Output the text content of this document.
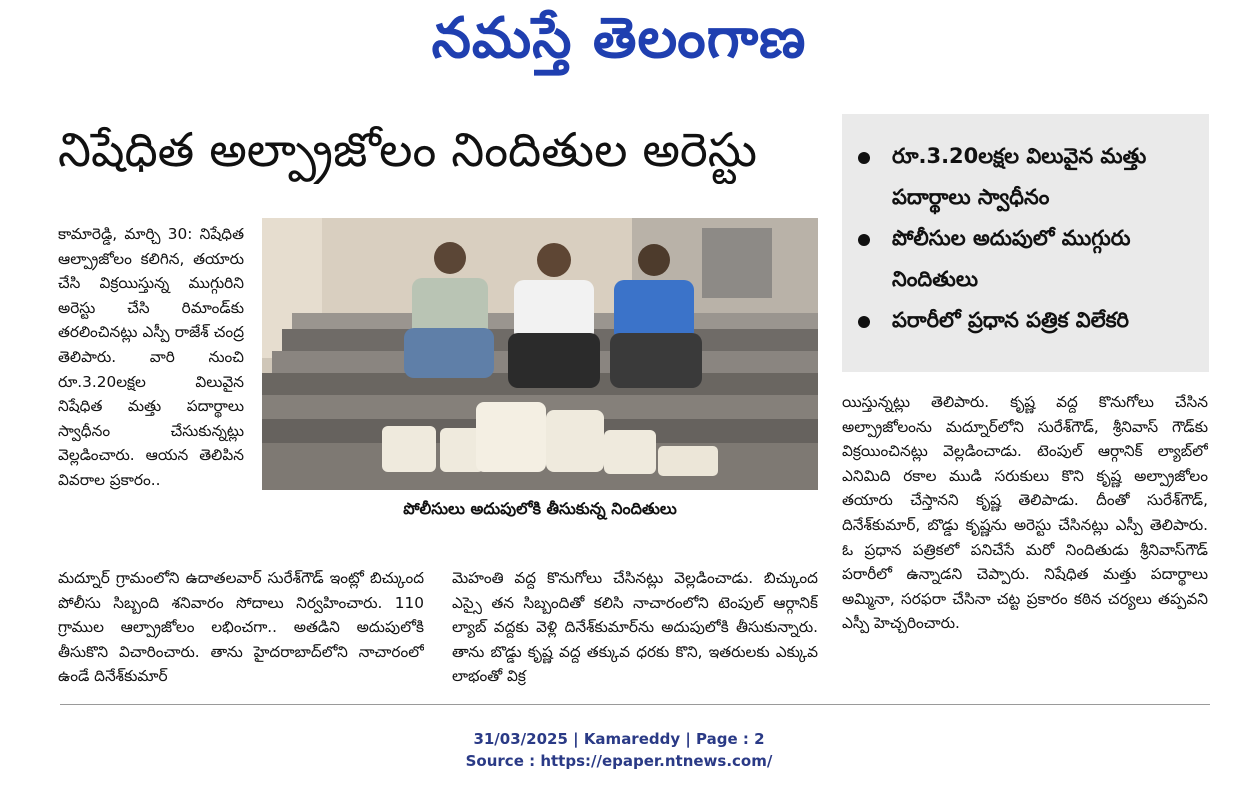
నమస్తే తెలంగాణ
నిషేధిత అల్ప్రాజోలం నిందితుల అరెస్టు	రూ.3.20లక్షల విలువైన మత్తు పదార్థాలు స్వాధీనం
పోలీసుల అదుపులో ముగ్గురు నిందితులు
పరారీలో ప్రధాన పత్రిక విలేకరి
కామారెడ్డి, మార్చి 30: నిషేధిత ఆల్ప్రాజోలం కలిగిన, తయారు చేసి విక్రయిస్తున్న ముగ్గురిని అరెస్టు చేసి రిమాండ్‌కు తరలించినట్లు ఎస్పీ రాజేశ్ చంద్ర తెలిపారు. వారి నుంచి రూ.3.20లక్షల విలువైన నిషేధిత మత్తు పదార్థాలు స్వాధీనం చేసుకున్నట్లు వెల్లడించారు. ఆయన తెలిపిన వివరాల ప్రకారం..
పోలీసులు అదుపులోకి తీసుకున్న నిందితులు
మద్నూర్ గ్రామంలోని ఉదాతలవార్ సురేశ్‌గౌడ్ ఇంట్లో బిచ్కుంద పోలీసు సిబ్బంది శనివారం సోదాలు నిర్వహించారు. 110 గ్రాముల ఆల్ప్రాజోలం లభించగా.. అతడిని అదుపులోకి తీసుకొని విచారించారు. తాను హైదరాబాద్‌లోని నాచారంలో ఉండే దినేశ్‌కుమార్
మెహంతి వద్ద కొనుగోలు చేసినట్లు వెల్లడించాడు. బిచ్కుంద ఎస్సై తన సిబ్బందితో కలిసి నాచారంలోని టెంపుల్ ఆర్గానిక్ ల్యాబ్ వద్దకు వెళ్లి దినేశ్‌కుమార్‌ను అదుపులోకి తీసుకున్నారు. తాను బొడ్డు కృష్ణ వద్ద తక్కువ ధరకు కొని, ఇతరులకు ఎక్కువ లాభంతో విక్ర
యిస్తున్నట్లు తెలిపారు. కృష్ణ వద్ద కొనుగోలు చేసిన అల్ప్రాజోలంను మద్నూర్‌లోని సురేశ్‌గౌడ్, శ్రీనివాస్ గౌడ్‌కు విక్రయించినట్లు వెల్లడించాడు. టెంపుల్ ఆర్గానిక్ ల్యాబ్‌లో ఎనిమిది రకాల ముడి సరుకులు కొని కృష్ణ అల్ప్రాజోలం తయారు చేస్తానని కృష్ణ తెలిపాడు. దీంతో సురేశ్‌గౌడ్, దినేశ్‌కుమార్, బొడ్డు కృష్ణను అరెస్టు చేసినట్లు ఎస్పీ తెలిపారు. ఓ ప్రధాన పత్రికలో పనిచేసే మరో నిందితుడు శ్రీనివాస్‌గౌడ్ పరారీలో ఉన్నాడని చెప్పారు. నిషేధిత మత్తు పదార్థాలు అమ్మినా, సరఫరా చేసినా చట్ట ప్రకారం కఠిన చర్యలు తప్పవని ఎస్పీ హెచ్చరించారు.
31/03/2025 | Kamareddy | Page : 2
Source : https://epaper.ntnews.com/
